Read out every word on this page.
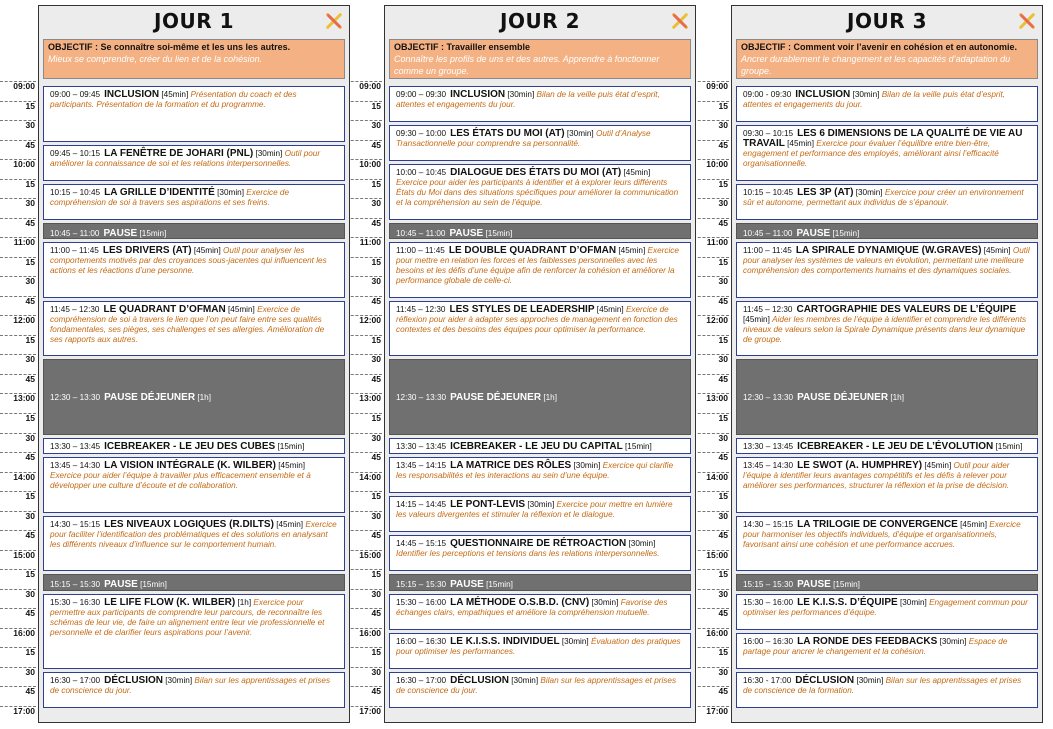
09:00
15
30
45
10:00
15
30
45
11:00
15
30
45
12:00
15
30
45
13:00
15
30
45
14:00
15
30
45
15:00
15
30
45
16:00
15
30
45
17:00
09:00
15
30
45
10:00
15
30
45
11:00
15
30
45
12:00
15
30
45
13:00
15
30
45
14:00
15
30
45
15:00
15
30
45
16:00
15
30
45
17:00
09:00
15
30
45
10:00
15
30
45
11:00
15
30
45
12:00
15
30
45
13:00
15
30
45
14:00
15
30
45
15:00
15
30
45
16:00
15
30
45
17:00
JOUR 1
OBJECTIF : Se connaître soi-même et les uns les autres.
Mieux se comprendre, créer du lien et de la cohésion.
09:00 – 09:45 INCLUSION [45min] Présentation du coach et des participants. Présentation de la formation et du programme.
09:45 – 10:15 LA FENÊTRE DE JOHARI (PNL) [30min] Outil pour améliorer la connaissance de soi et les relations interpersonnelles.
10:15 – 10:45 LA GRILLE D’IDENTITÉ [30min] Exercice de compréhension de soi à travers ses aspirations et ses freins.
10:45 – 11:00 PAUSE [15min]
11:00 – 11:45 LES DRIVERS (AT) [45min] Outil pour analyser les comportements motivés par des croyances sous-jacentes qui influencent les actions et les réactions d’une personne.
11:45 – 12:30 LE QUADRANT D’OFMAN [45min] Exercice de compréhension de soi à travers le lien que l’on peut faire entre ses qualités fondamentales, ses pièges, ses challenges et ses allergies. Amélioration de ses rapports aux autres.
12:30 – 13:30 PAUSE DÉJEUNER [1h]
13:30 – 13:45 ICEBREAKER - LE JEU DES CUBES [15min]
13:45 – 14:30 LA VISION INTÉGRALE (K. WILBER) [45min] Exercice pour aider l’équipe à travailler plus efficacement ensemble et à développer une culture d’écoute et de collaboration.
14:30 – 15:15 LES NIVEAUX LOGIQUES (R.DILTS) [45min] Exercice pour faciliter l’identification des problématiques et des solutions en analysant les différents niveaux d’influence sur le comportement humain.
15:15 – 15:30 PAUSE [15min]
15:30 – 16:30 LE LIFE FLOW (K. WILBER) [1h] Exercice pour permettre aux participants de comprendre leur parcours, de reconnaître les schémas de leur vie, de faire un alignement entre leur vie professionnelle et personnelle et de clarifier leurs aspirations pour l’avenir.
16:30 – 17:00 DÉCLUSION [30min] Bilan sur les apprentissages et prises de conscience du jour.
JOUR 2
OBJECTIF : Travailler ensemble
Connaître les profils de uns et des autres. Apprendre à fonctionner comme un groupe.
09:00 – 09:30 INCLUSION [30min] Bilan de la veille puis état d’esprit, attentes et engagements du jour.
09:30 – 10:00 LES ÉTATS DU MOI (AT) [30min] Outil d’Analyse Transactionnelle pour comprendre sa personnalité.
10:00 – 10:45 DIALOGUE DES ÉTATS DU MOI (AT) [45min] Exercice pour aider les participants à identifier et à explorer leurs différents États du Moi dans des situations spécifiques pour améliorer la communication et la compréhension au sein de l’équipe.
10:45 – 11:00 PAUSE [15min]
11:00 – 11:45 LE DOUBLE QUADRANT D’OFMAN [45min] Exercice pour mettre en relation les forces et les faiblesses personnelles avec les besoins et les défis d’une équipe afin de renforcer la cohésion et améliorer la performance globale de celle-ci.
11:45 – 12:30 LES STYLES DE LEADERSHIP [45min] Exercice de réflexion pour aider à adapter ses approches de management en fonction des contextes et des besoins des équipes pour optimiser la performance.
12:30 – 13:30 PAUSE DÉJEUNER [1h]
13:30 – 13:45 ICEBREAKER - LE JEU DU CAPITAL [15min]
13:45 – 14:15 LA MATRICE DES RÔLES [30min] Exercice qui clarifie les responsabilités et les interactions au sein d’une équipe.
14:15 – 14:45 LE PONT-LEVIS [30min] Exercice pour mettre en lumière les valeurs divergentes et stimuler la réflexion et le dialogue.
14:45 – 15:15 QUESTIONNAIRE DE RÉTROACTION [30min] Identifier les perceptions et tensions dans les relations interpersonnelles.
15:15 – 15:30 PAUSE [15min]
15:30 – 16:00 LA MÉTHODE O.S.B.D. (CNV) [30min] Favorise des échanges clairs, empathiques et améliore la compréhension mutuelle.
16:00 – 16:30 LE K.I.S.S. INDIVIDUEL [30min] Évaluation des pratiques pour optimiser les performances.
16:30 – 17:00 DÉCLUSION [30min] Bilan sur les apprentissages et prises de conscience du jour.
JOUR 3
OBJECTIF : Comment voir l’avenir en cohésion et en autonomie.
Ancrer durablement le changement et les capacités d’adaptation du groupe.
09:00 - 09:30 INCLUSION [30min] Bilan de la veille puis état d’esprit, attentes et engagements du jour.
09:30 – 10:15 LES 6 DIMENSIONS DE LA QUALITÉ DE VIE AU TRAVAIL [45min] Exercice pour évaluer l’équilibre entre bien-être, engagement et performance des employés, améliorant ainsi l’efficacité organisationnelle.
10:15 – 10:45 LES 3P (AT) [30min] Exercice pour créer un environnement sûr et autonome, permettant aux individus de s’épanouir.
10:45 – 11:00 PAUSE [15min]
11:00 – 11:45 LA SPIRALE DYNAMIQUE (W.GRAVES) [45min] Outil pour analyser les systèmes de valeurs en évolution, permettant une meilleure compréhension des comportements humains et des dynamiques sociales.
11:45 – 12:30 CARTOGRAPHIE DES VALEURS DE L’ÉQUIPE [45min] Aider les membres de l’équipe à identifier et comprendre les différents niveaux de valeurs selon la Spirale Dynamique présents dans leur dynamique de groupe.
12:30 – 13:30 PAUSE DÉJEUNER [1h]
13:30 – 13:45 ICEBREAKER - LE JEU DE L’ÉVOLUTION [15min]
13:45 – 14:30 LE SWOT (A. HUMPHREY) [45min] Outil pour aider l’équipe à identifier leurs avantages compétitifs et les défis à relever pour améliorer ses performances, structurer la réflexion et la prise de décision.
14:30 – 15:15 LA TRILOGIE DE CONVERGENCE [45min] Exercice pour harmoniser les objectifs individuels, d’équipe et organisationnels, favorisant ainsi une cohésion et une performance accrues.
15:15 – 15:30 PAUSE [15min]
15:30 – 16:00 LE K.I.S.S. D’ÉQUIPE [30min] Engagement commun pour optimiser les performances d’équipe.
16:00 – 16:30 LA RONDE DES FEEDBACKS [30min] Espace de partage pour ancrer le changement et la cohésion.
16:30 - 17:00 DÉCLUSION [30min] Bilan sur les apprentissages et prises de conscience de la formation.
